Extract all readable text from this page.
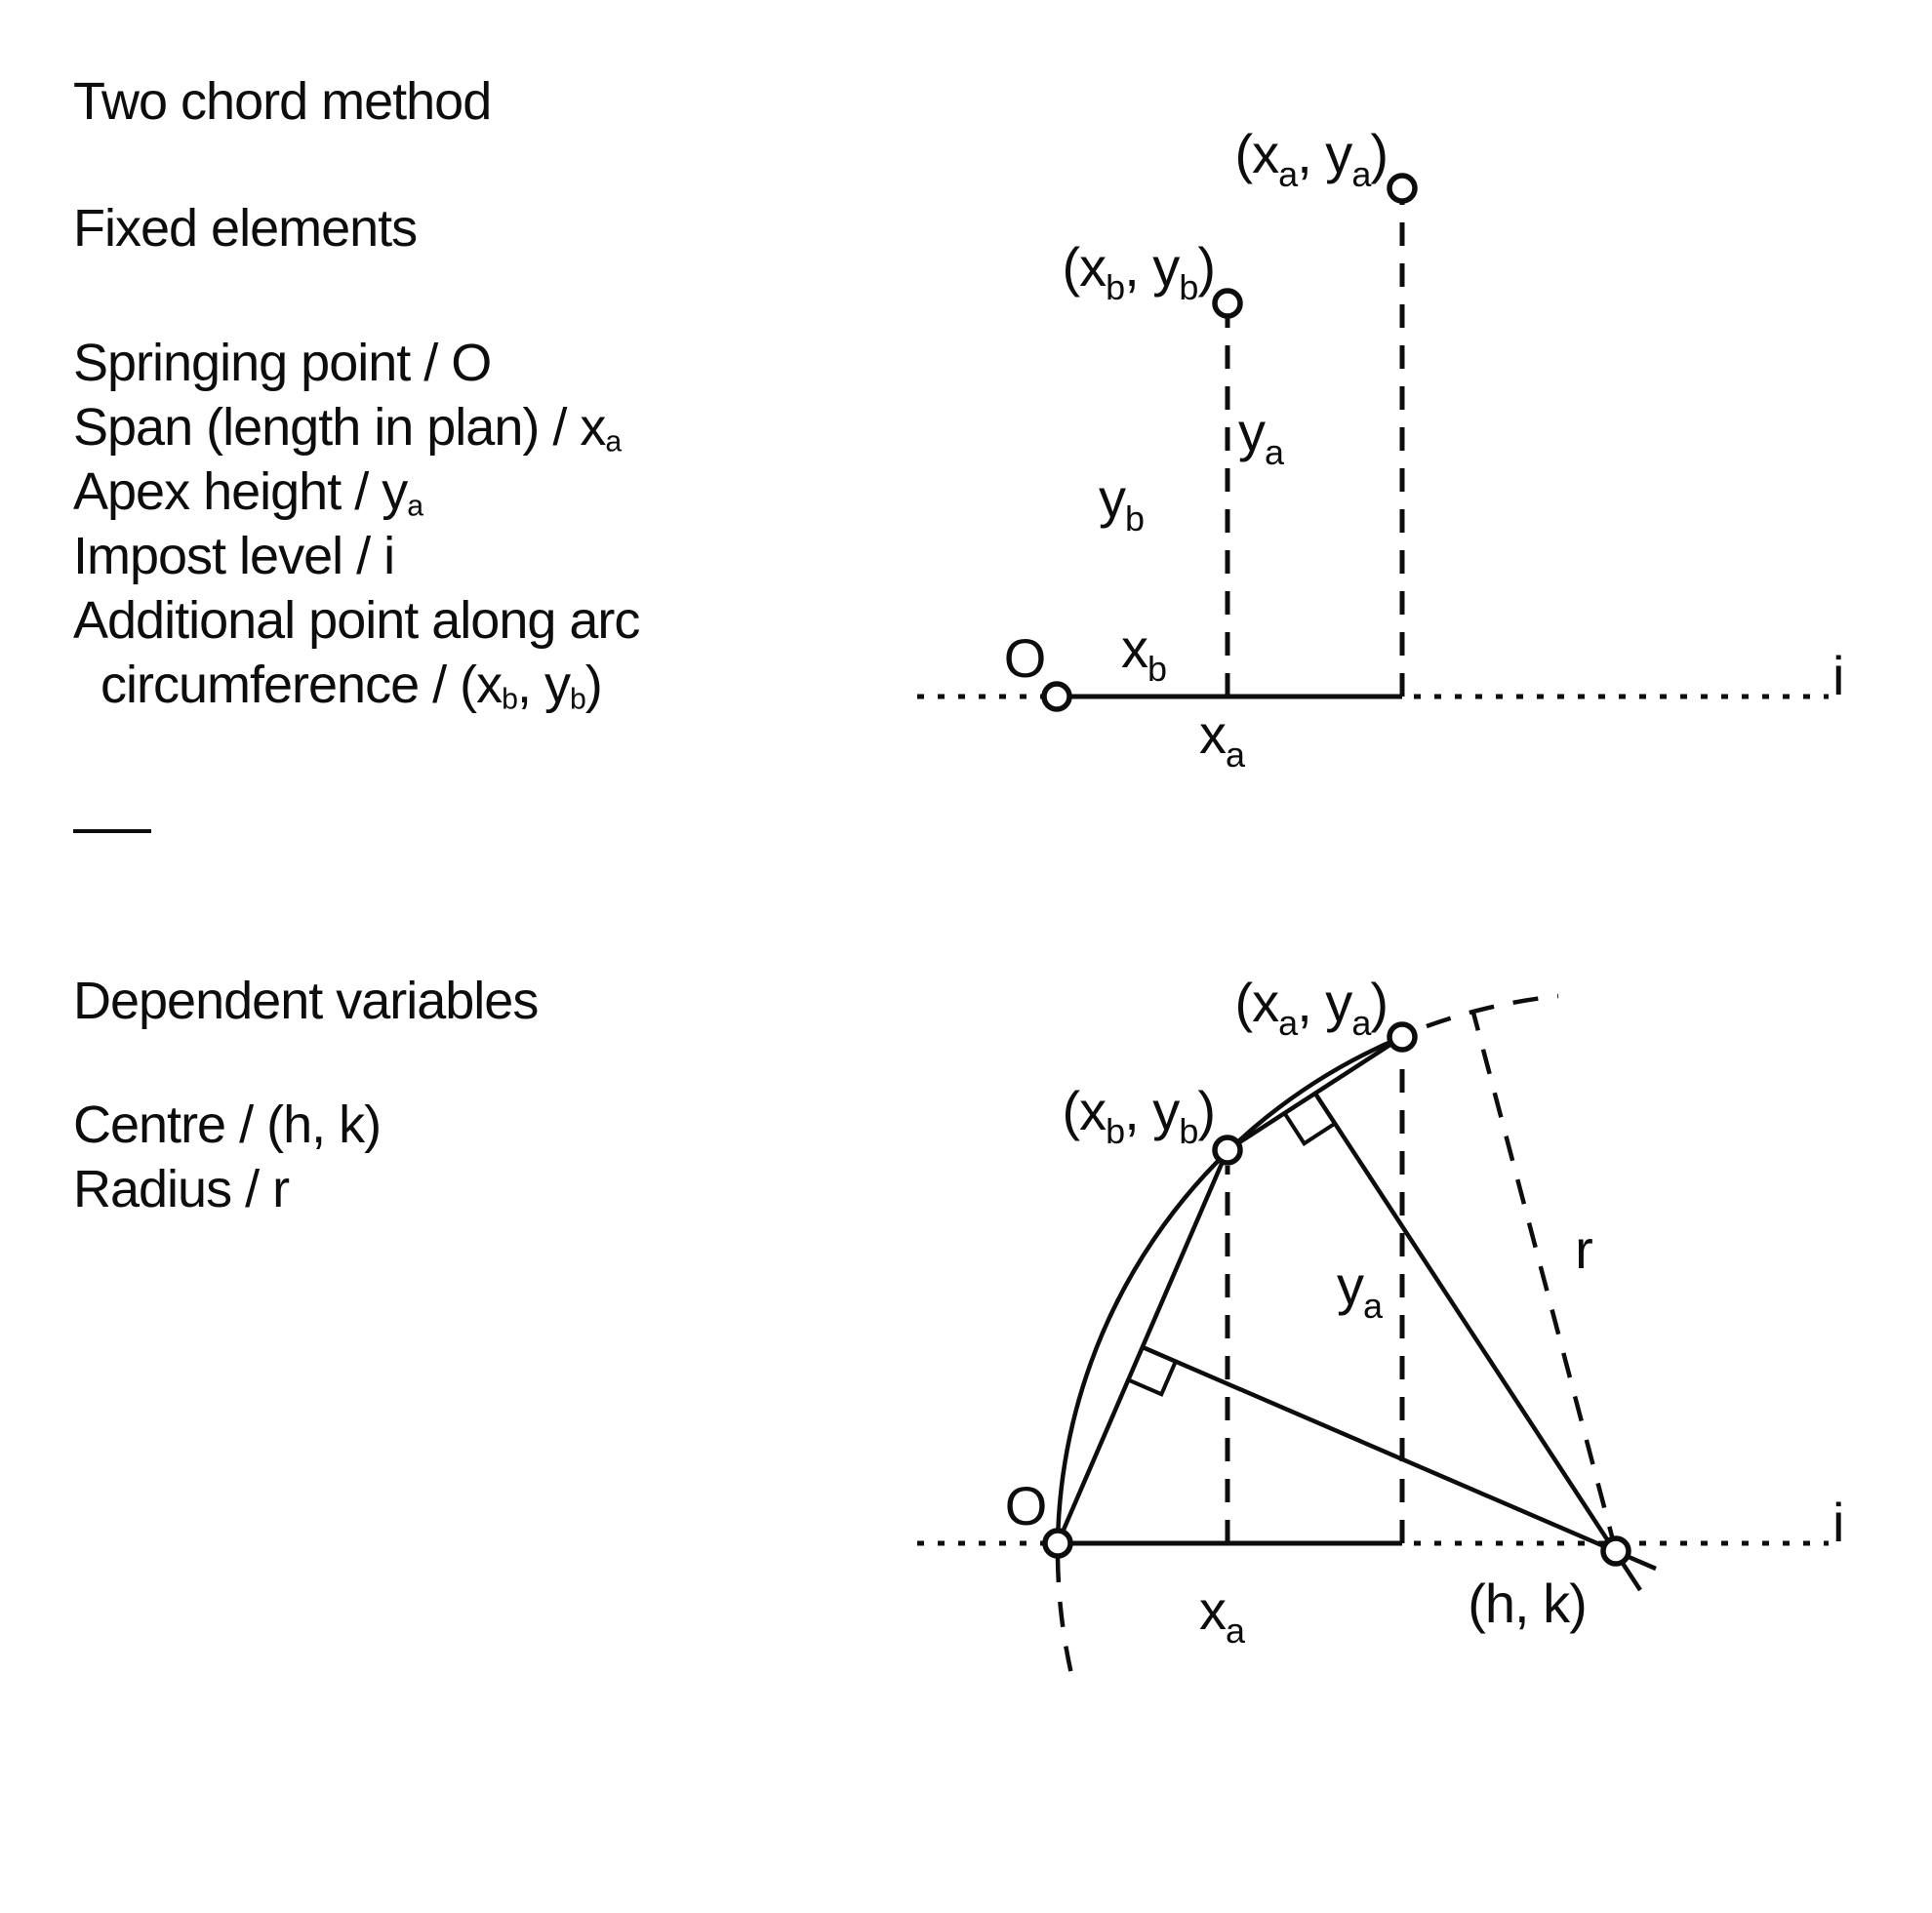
Two chord method
Fixed elements
Springing point / O
Span (length in plan) / $x_a$
Apex height / $y_a$
Impost level / i
Additional point along arc
circumference / ($x_b$, $y_b$)
Dependent variables
Centre / (h, k)
Radius / r
($x_a$, $y_a$)
($x_b$, $y_b$)
O
$y_b$
$y_a$
$x_b$
$x_a$
i
($x_a$, $y_a$)
($x_b$, $y_b$)
O
$y_a$
$x_a$
r
(h, k)
i
